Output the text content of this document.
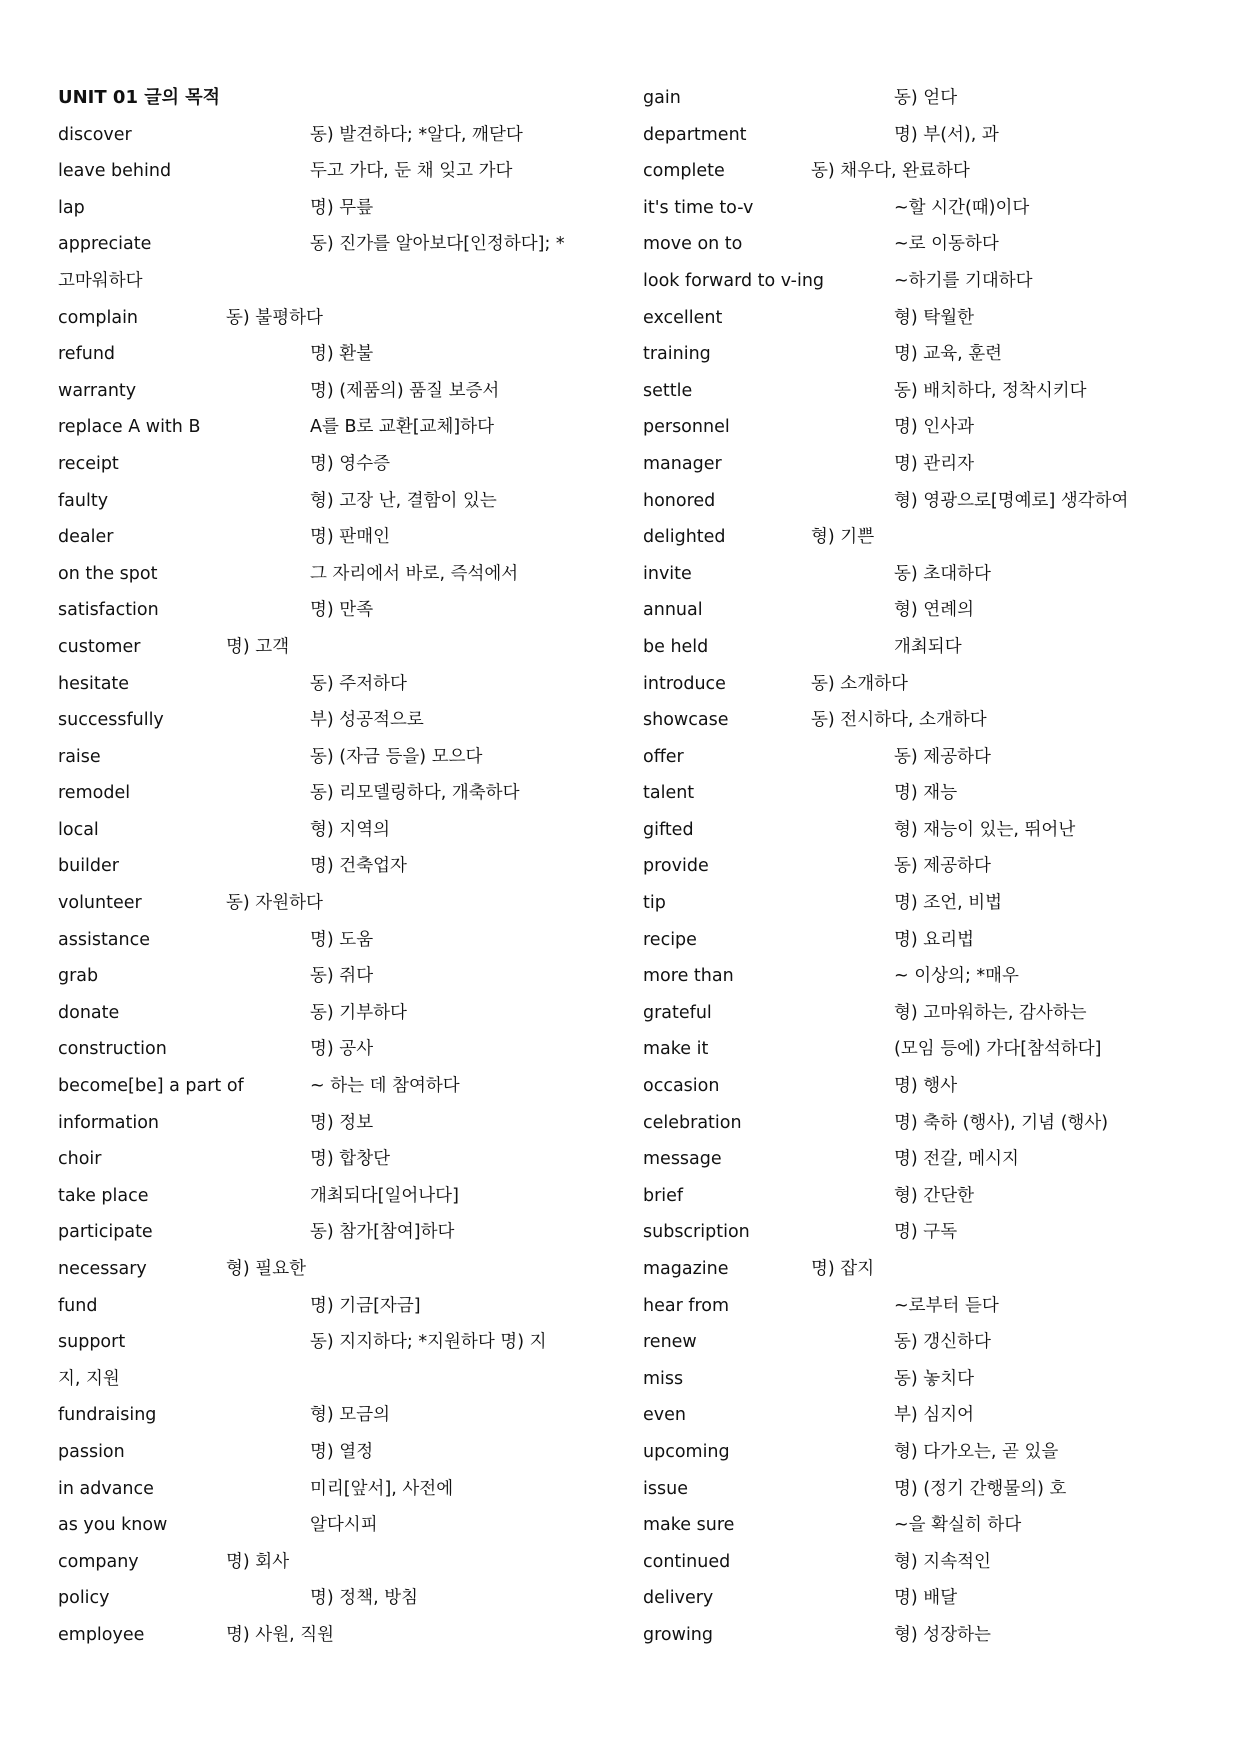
UNIT 01 글의 목적
discover	동) 발견하다; *알다, 깨닫다
leave behind	두고 가다, 둔 채 잊고 가다
lap	명) 무릎
appreciate	동) 진가를 알아보다[인정하다]; *
고마워하다
complain	동) 불평하다
refund	명) 환불
warranty	명) (제품의) 품질 보증서
replace A with B	A를 B로 교환[교체]하다
receipt	명) 영수증
faulty	형) 고장 난, 결함이 있는
dealer	명) 판매인
on the spot	그 자리에서 바로, 즉석에서
satisfaction	명) 만족
customer	명) 고객
hesitate	동) 주저하다
successfully	부) 성공적으로
raise	동) (자금 등을) 모으다
remodel	동) 리모델링하다, 개축하다
local	형) 지역의
builder	명) 건축업자
volunteer	동) 자원하다
assistance	명) 도움
grab	동) 쥐다
donate	동) 기부하다
construction	명) 공사
become[be] a part of	~ 하는 데 참여하다
information	명) 정보
choir	명) 합창단
take place	개최되다[일어나다]
participate	동) 참가[참여]하다
necessary	형) 필요한
fund	명) 기금[자금]
support	동) 지지하다; *지원하다 명) 지
지, 지원
fundraising	형) 모금의
passion	명) 열정
in advance	미리[앞서], 사전에
as you know	알다시피
company	명) 회사
policy	명) 정책, 방침
employee	명) 사원, 직원
gain	동) 얻다
department	명) 부(서), 과
complete	동) 채우다, 완료하다
it's time to-v	~할 시간(때)이다
move on to	~로 이동하다
look forward to v-ing	~하기를 기대하다
excellent	형) 탁월한
training	명) 교육, 훈련
settle	동) 배치하다, 정착시키다
personnel	명) 인사과
manager	명) 관리자
honored	형) 영광으로[명예로] 생각하여
delighted	형) 기쁜
invite	동) 초대하다
annual	형) 연례의
be held	개최되다
introduce	동) 소개하다
showcase	동) 전시하다, 소개하다
offer	동) 제공하다
talent	명) 재능
gifted	형) 재능이 있는, 뛰어난
provide	동) 제공하다
tip	명) 조언, 비법
recipe	명) 요리법
more than	~ 이상의; *매우
grateful	형) 고마워하는, 감사하는
make it	(모임 등에) 가다[참석하다]
occasion	명) 행사
celebration	명) 축하 (행사), 기념 (행사)
message	명) 전갈, 메시지
brief	형) 간단한
subscription	명) 구독
magazine	명) 잡지
hear from	~로부터 듣다
renew	동) 갱신하다
miss	동) 놓치다
even	부) 심지어
upcoming	형) 다가오는, 곧 있을
issue	명) (정기 간행물의) 호
make sure	~을 확실히 하다
continued	형) 지속적인
delivery	명) 배달
growing	형) 성장하는
